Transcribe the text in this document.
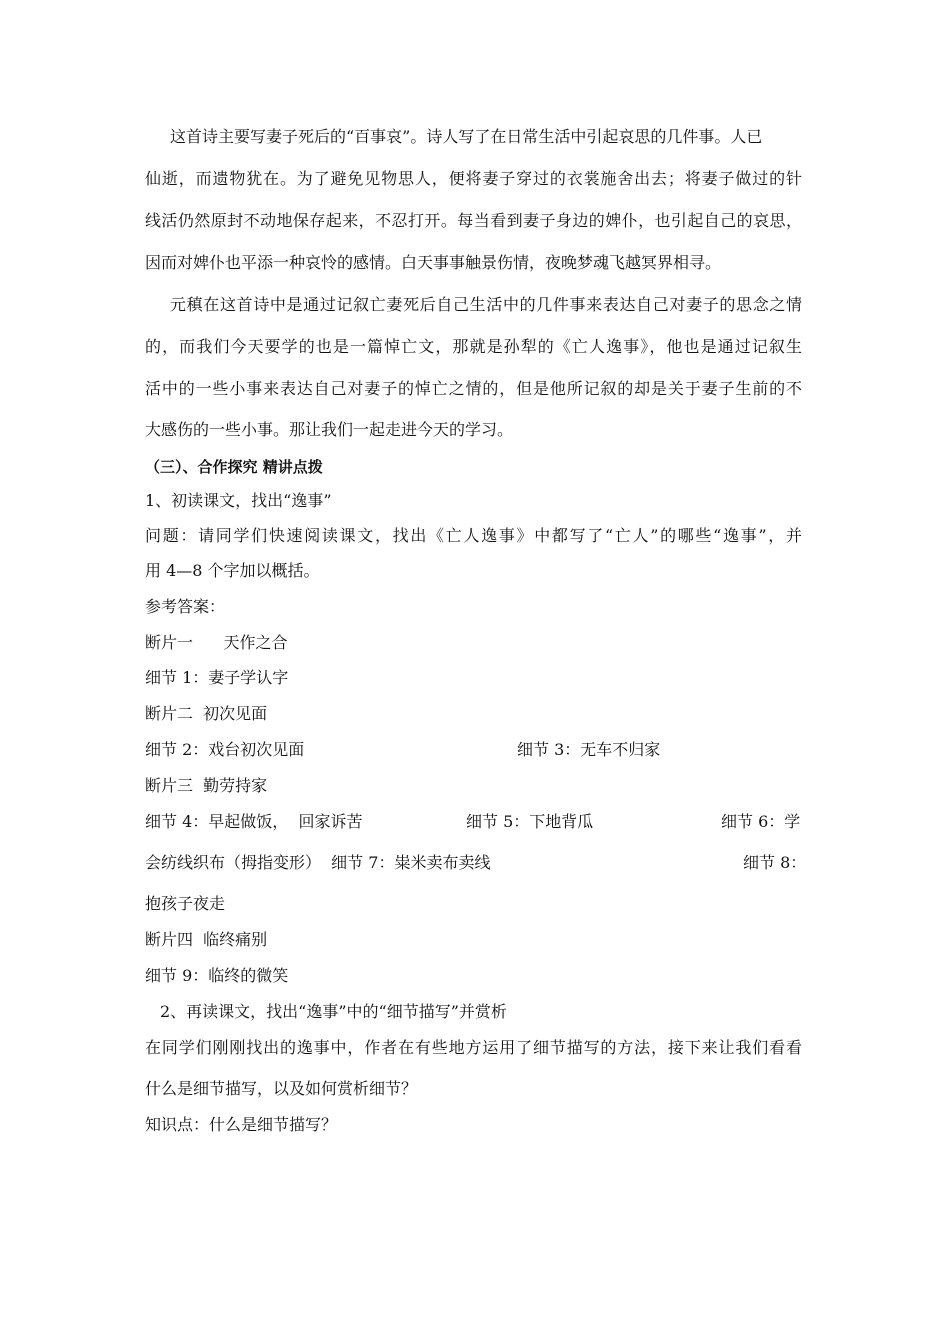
这首诗主要写妻子死后的“百事哀”。诗人写了在日常生活中引起哀思的几件事。人已
仙逝，而遗物犹在。为了避免见物思人，便将妻子穿过的衣裳施舍出去；将妻子做过的针
线活仍然原封不动地保存起来，不忍打开。每当看到妻子身边的婢仆，也引起自己的哀思，
因而对婢仆也平添一种哀怜的感情。白天事事触景伤情，夜晚梦魂飞越冥界相寻。
元稹在这首诗中是通过记叙亡妻死后自己生活中的几件事来表达自己对妻子的思念之情
的，而我们今天要学的也是一篇悼亡文，那就是孙犁的《亡人逸事》，他也是通过记叙生
活中的一些小事来表达自己对妻子的悼亡之情的，但是他所记叙的却是关于妻子生前的不
大感伤的一些小事。那让我们一起走进今天的学习。
（三）、合作探究 精讲点拨
1、初读课文，找出“逸事”
问题：请同学们快速阅读课文，找出《亡人逸事》中都写了“亡人”的哪些“逸事”，并
用 4—8 个字加以概括。
参考答案：
断片一      天作之合
细节 1：妻子学认字
断片二  初次见面
细节 2：戏台初次见面	细节 3：无车不归家
断片三  勤劳持家
细节 4：早起做饭，  回家诉苦	细节 5：下地背瓜	细节 6：学
会纺线织布（拇指变形）  细节 7：粜米卖布卖线	细节 8：
抱孩子夜走
断片四  临终痛别
细节 9：临终的微笑
2、再读课文，找出“逸事”中的“细节描写”并赏析
在同学们刚刚找出的逸事中，作者在有些地方运用了细节描写的方法，接下来让我们看看
什么是细节描写，以及如何赏析细节？
知识点：什么是细节描写？
